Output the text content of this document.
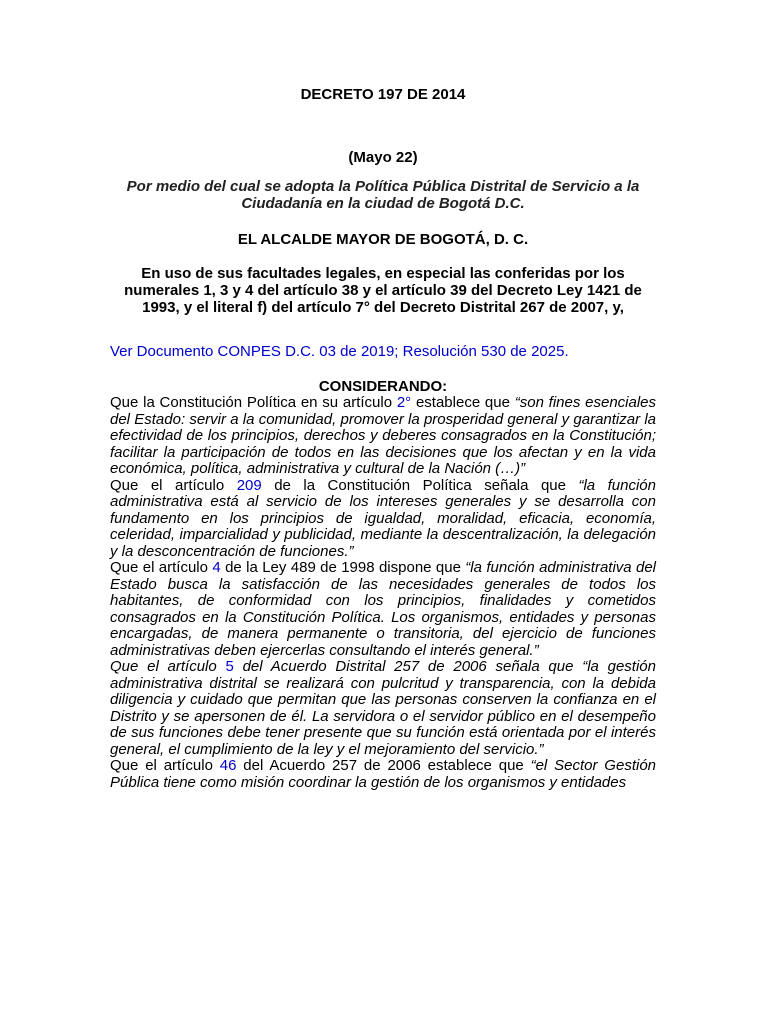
DECRETO 197 DE 2014
(Mayo 22)
Por medio del cual se adopta la Política Pública Distrital de Servicio a la Ciudadanía en la ciudad de Bogotá D.C.
EL ALCALDE MAYOR DE BOGOTÁ, D. C.
En uso de sus facultades legales, en especial las conferidas por los numerales 1, 3 y 4 del artículo 38 y el artículo 39 del Decreto Ley 1421 de 1993, y el literal f) del artículo 7° del Decreto Distrital 267 de 2007, y,
Ver Documento CONPES D.C. 03 de 2019; Resolución 530 de 2025.
CONSIDERANDO:

Que la Constitución Política en su artículo 2° establece que “son fines esenciales del Estado: servir a la comunidad, promover la prosperidad general y garantizar la efectividad de los principios, derechos y deberes consagrados en la Constitución; facilitar la participación de todos en las decisiones que los afectan y en la vida económica, política, administrativa y cultural de la Nación (…)”

Que el artículo 209 de la Constitución Política señala que “la función administrativa está al servicio de los intereses generales y se desarrolla con fundamento en los principios de igualdad, moralidad, eficacia, economía, celeridad, imparcialidad y publicidad, mediante la descentralización, la delegación y la desconcentración de funciones.”

Que el artículo 4 de la Ley 489 de 1998 dispone que “la función administrativa del Estado busca la satisfacción de las necesidades generales de todos los habitantes, de conformidad con los principios, finalidades y cometidos consagrados en la Constitución Política. Los organismos, entidades y personas encargadas, de manera permanente o transitoria, del ejercicio de funciones administrativas deben ejercerlas consultando el interés general.”

Que el artículo 5 del Acuerdo Distrital 257 de 2006 señala que “la gestión administrativa distrital se realizará con pulcritud y transparencia, con la debida diligencia y cuidado que permitan que las personas conserven la confianza en el Distrito y se apersonen de él. La servidora o el servidor público en el desempeño de sus funciones debe tener presente que su función está orientada por el interés general, el cumplimiento de la ley y el mejoramiento del servicio.”

Que el artículo 46 del Acuerdo 257 de 2006 establece que “el Sector Gestión Pública tiene como misión coordinar la gestión de los organismos y entidades
